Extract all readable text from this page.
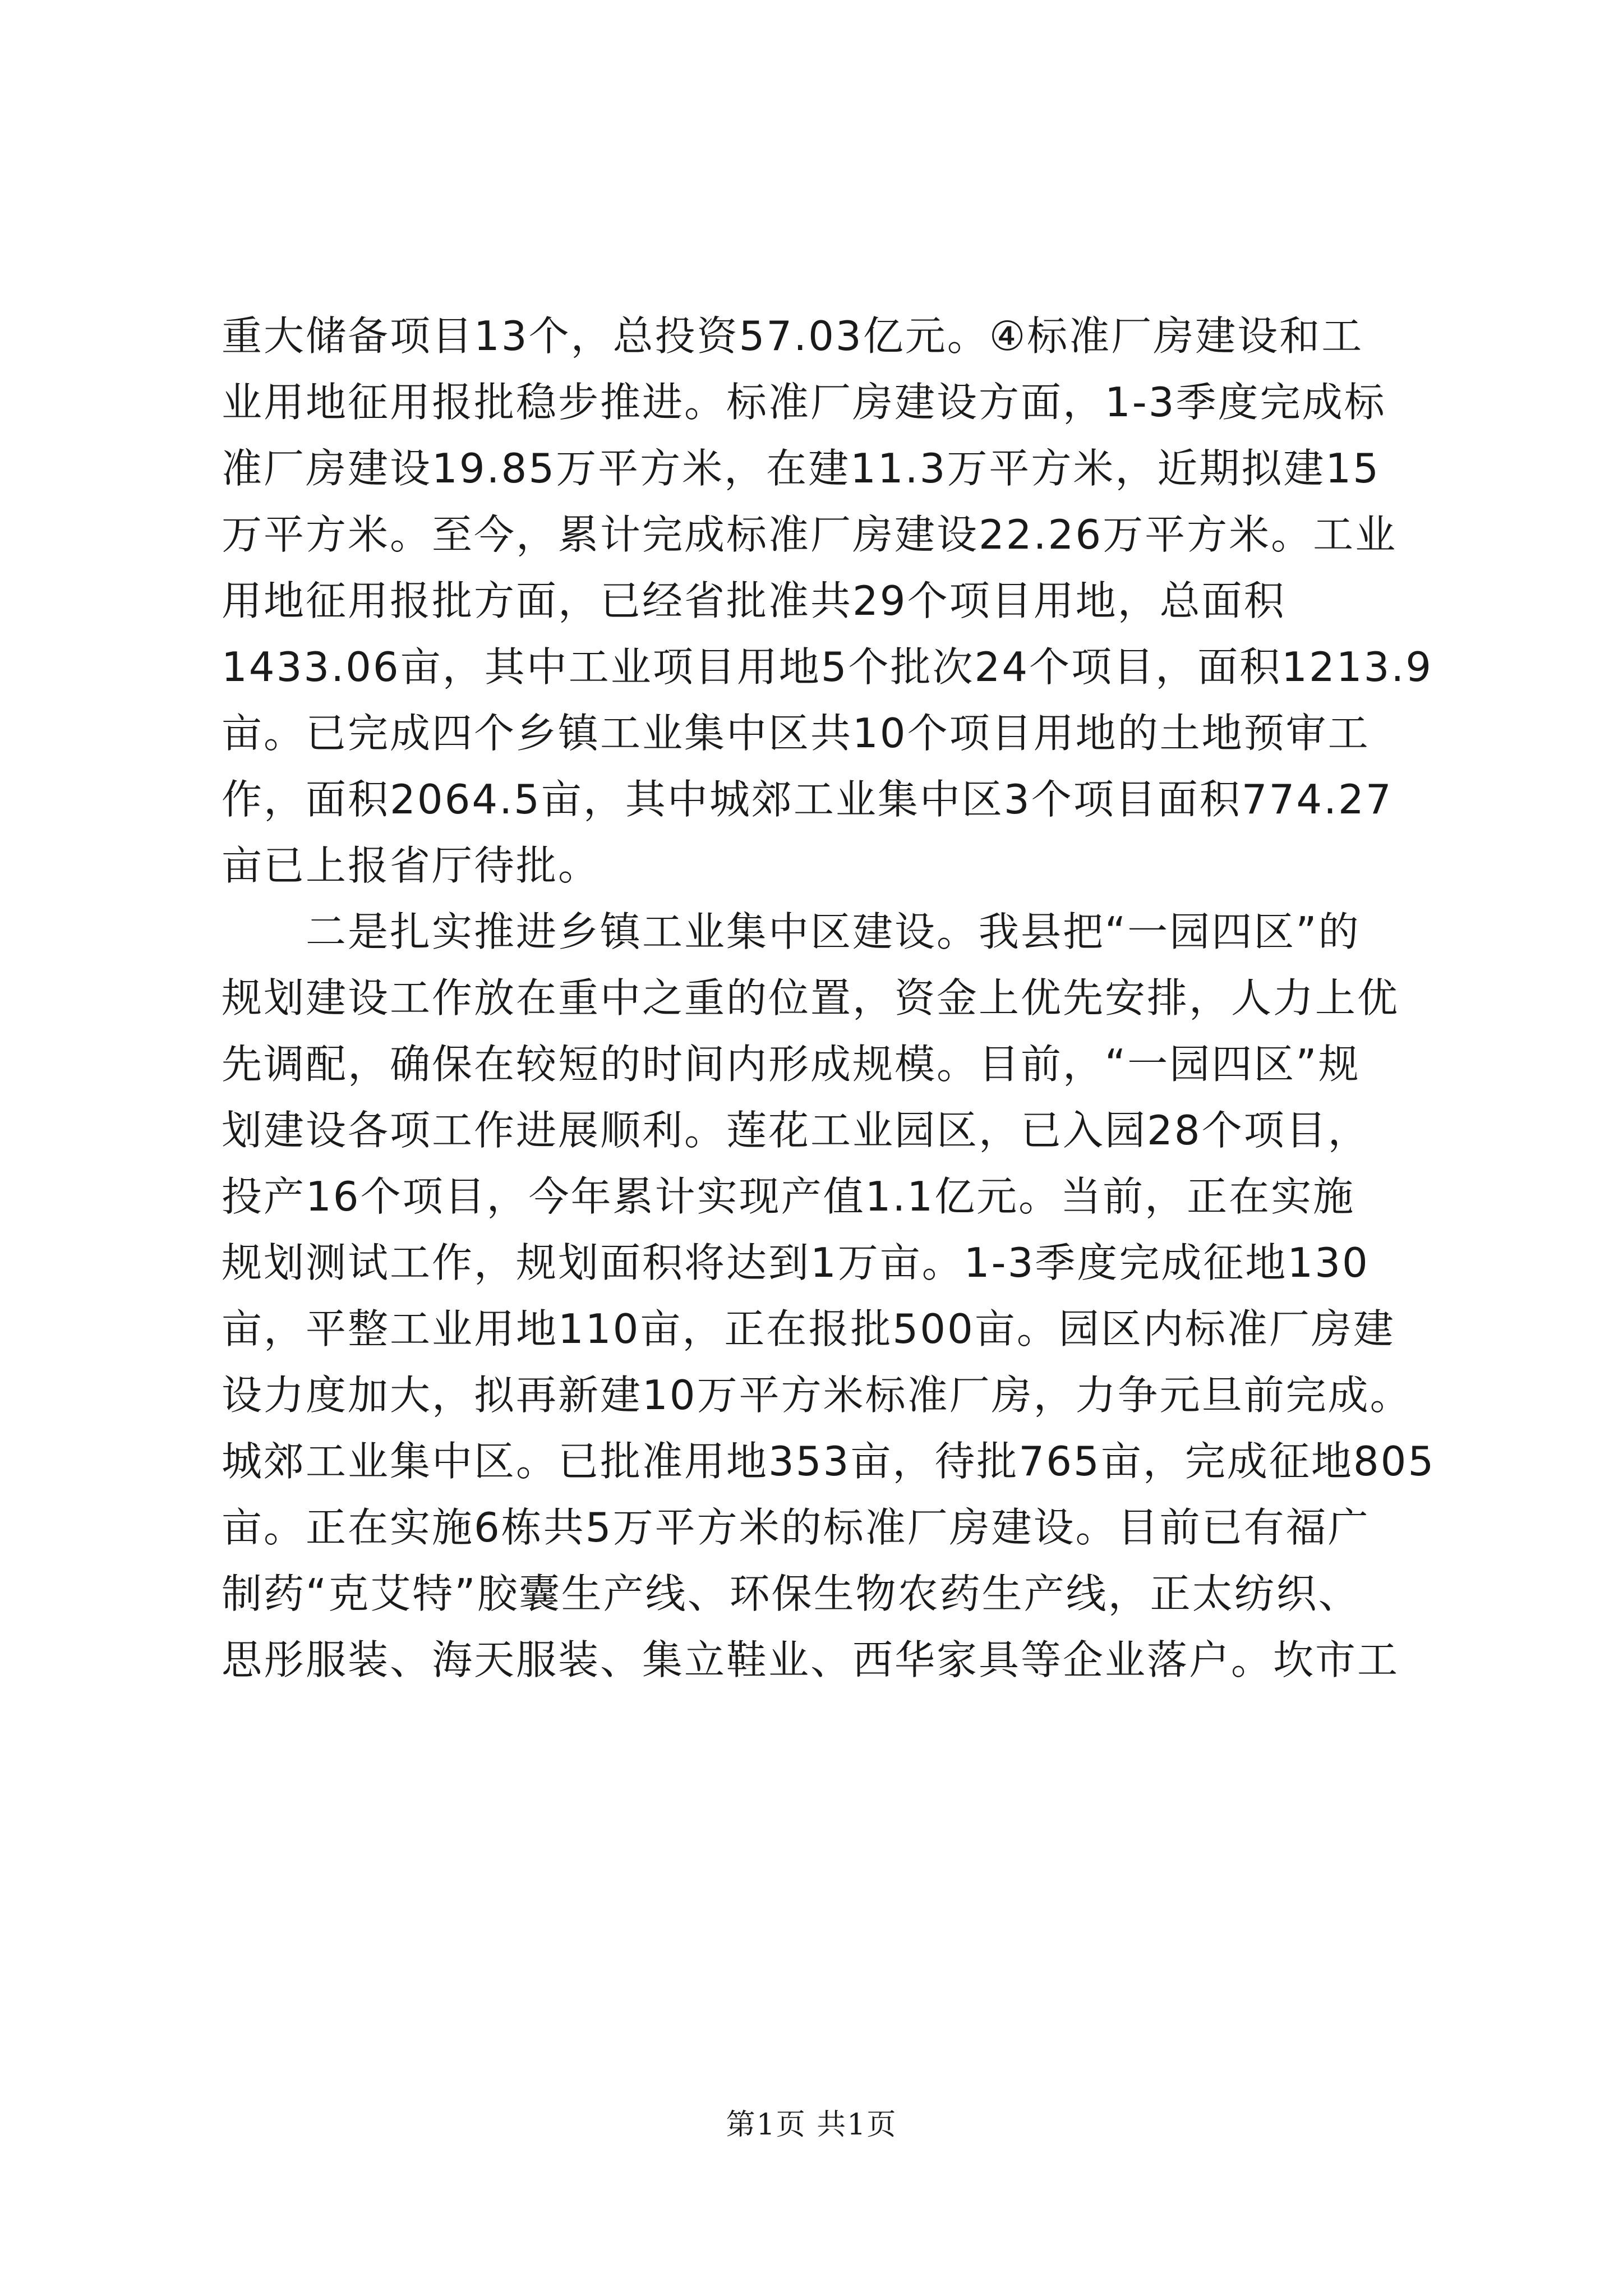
重大储备项目13个，总投资57.03亿元。④标准厂房建设和工
业用地征用报批稳步推进。标准厂房建设方面，1-3季度完成标
准厂房建设19.85万平方米，在建11.3万平方米，近期拟建15
万平方米。至今，累计完成标准厂房建设22.26万平方米。工业
用地征用报批方面，已经省批准共29个项目用地，总面积
1433.06亩，其中工业项目用地5个批次24个项目，面积1213.9
亩。已完成四个乡镇工业集中区共10个项目用地的土地预审工
作，面积2064.5亩，其中城郊工业集中区3个项目面积774.27
亩已上报省厅待批。
二是扎实推进乡镇工业集中区建设。我县把“一园四区”的
规划建设工作放在重中之重的位置，资金上优先安排，人力上优
先调配，确保在较短的时间内形成规模。目前，“一园四区”规
划建设各项工作进展顺利。莲花工业园区，已入园28个项目，
投产16个项目，今年累计实现产值1.1亿元。当前，正在实施
规划测试工作，规划面积将达到1万亩。1-3季度完成征地130
亩，平整工业用地110亩，正在报批500亩。园区内标准厂房建
设力度加大，拟再新建10万平方米标准厂房，力争元旦前完成。
城郊工业集中区。已批准用地353亩，待批765亩，完成征地805
亩。正在实施6栋共5万平方米的标准厂房建设。目前已有福广
制药“克艾特”胶囊生产线、环保生物农药生产线，正太纺织、
思彤服装、海天服装、集立鞋业、西华家具等企业落户。坎市工
第1页 共1页
